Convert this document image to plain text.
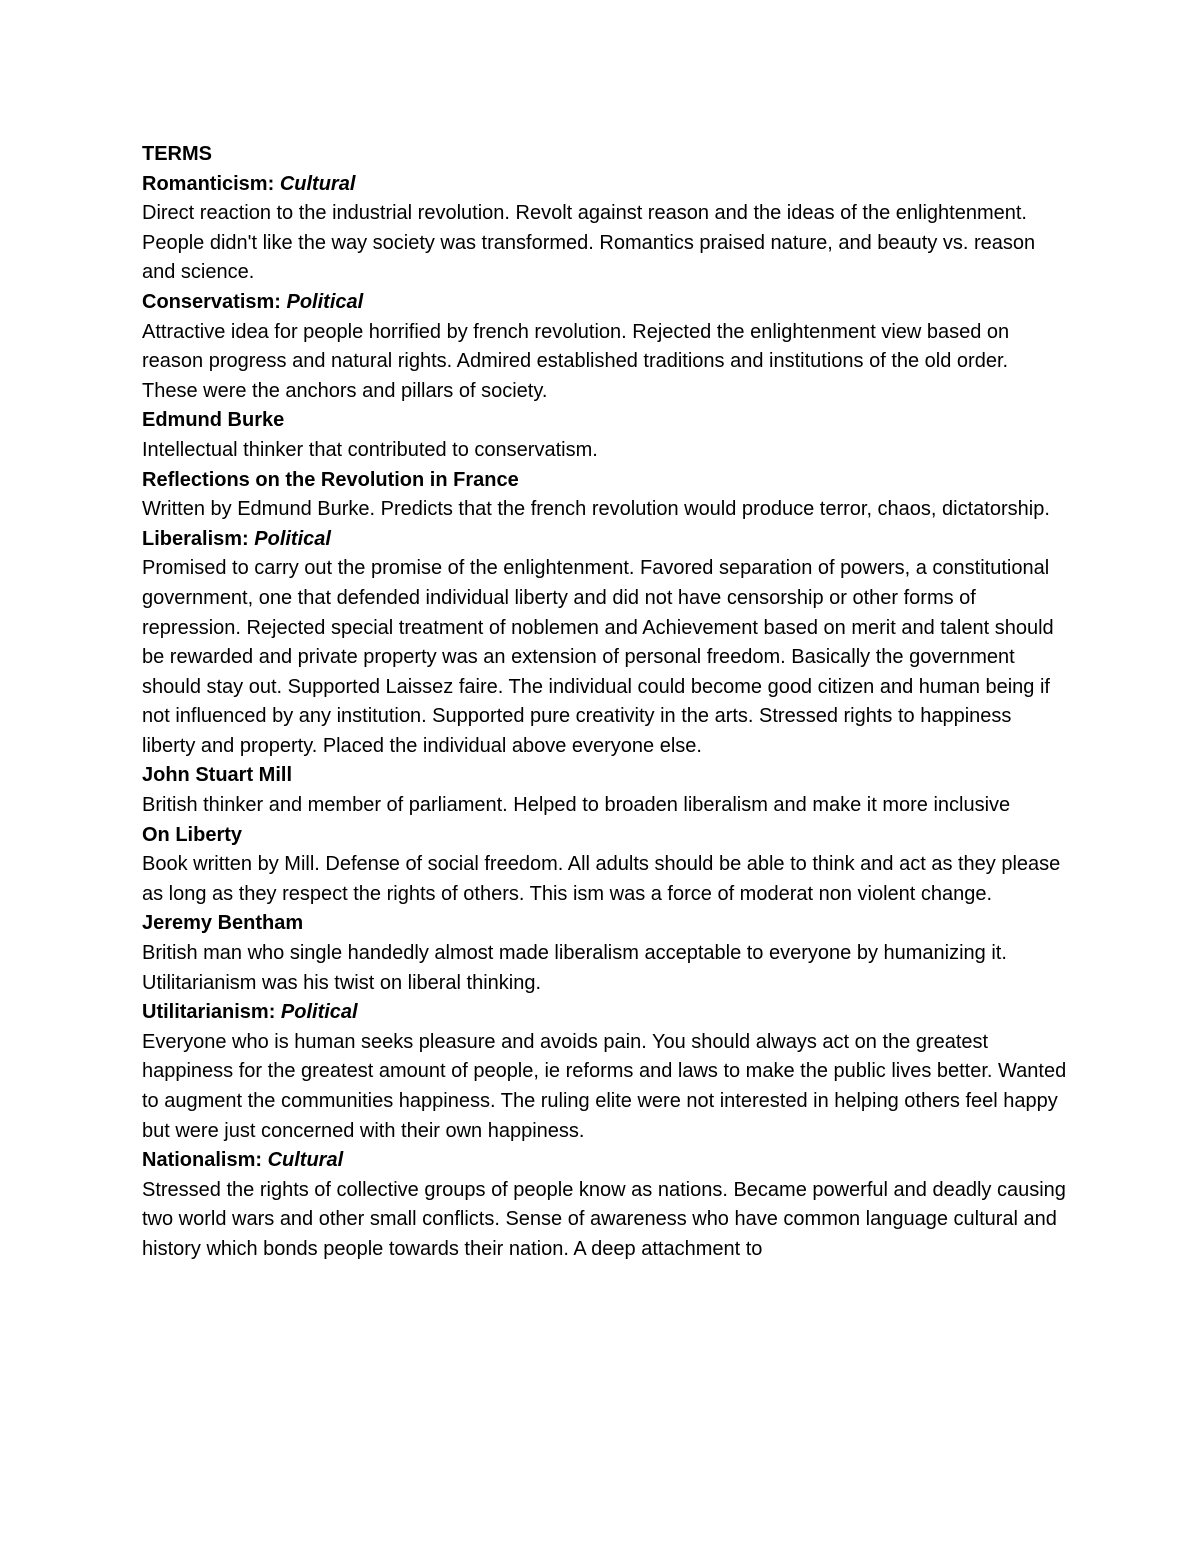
TERMS

Romanticism: Cultural

Direct reaction to the industrial revolution. Revolt against reason and the ideas of the enlightenment. People didn't like the way society was transformed. Romantics praised nature, and beauty vs. reason and science.

Conservatism: Political

Attractive idea for people horrified by french revolution. Rejected the enlightenment view based on reason progress and natural rights. Admired established traditions and institutions of the old order. These were the anchors and pillars of society.

Edmund Burke

Intellectual thinker that contributed to conservatism.

Reflections on the Revolution in France

Written by Edmund Burke. Predicts that the french revolution would produce terror, chaos, dictatorship.

Liberalism: Political

Promised to carry out the promise of the enlightenment. Favored separation of powers, a constitutional government, one that defended individual liberty and did not have censorship or other forms of repression. Rejected special treatment of noblemen and Achievement based on merit and talent should be rewarded and private property was an extension of personal freedom. Basically the government should stay out. Supported Laissez faire. The individual could become good citizen and human being if not influenced by any institution. Supported pure creativity in the arts. Stressed rights to happiness liberty and property. Placed the individual above everyone else.

John Stuart Mill

British thinker and member of parliament. Helped to broaden liberalism and make it more inclusive

On Liberty

Book written by Mill. Defense of social freedom. All adults should be able to think and act as they please as long as they respect the rights of others. This ism was a force of moderat non violent change.

Jeremy Bentham

British man who single handedly almost made liberalism acceptable to everyone by humanizing it. Utilitarianism was his twist on liberal thinking.

Utilitarianism: Political

Everyone who is human seeks pleasure and avoids pain. You should always act on the greatest happiness for the greatest amount of people, ie reforms and laws to make the public lives better. Wanted to augment the communities happiness. The ruling elite were not interested in helping others feel happy but were just concerned with their own happiness.

Nationalism: Cultural

Stressed the rights of collective groups of people know as nations. Became powerful and deadly causing two world wars and other small conflicts. Sense of awareness who have common language cultural and history which bonds people towards their nation. A deep attachment to
